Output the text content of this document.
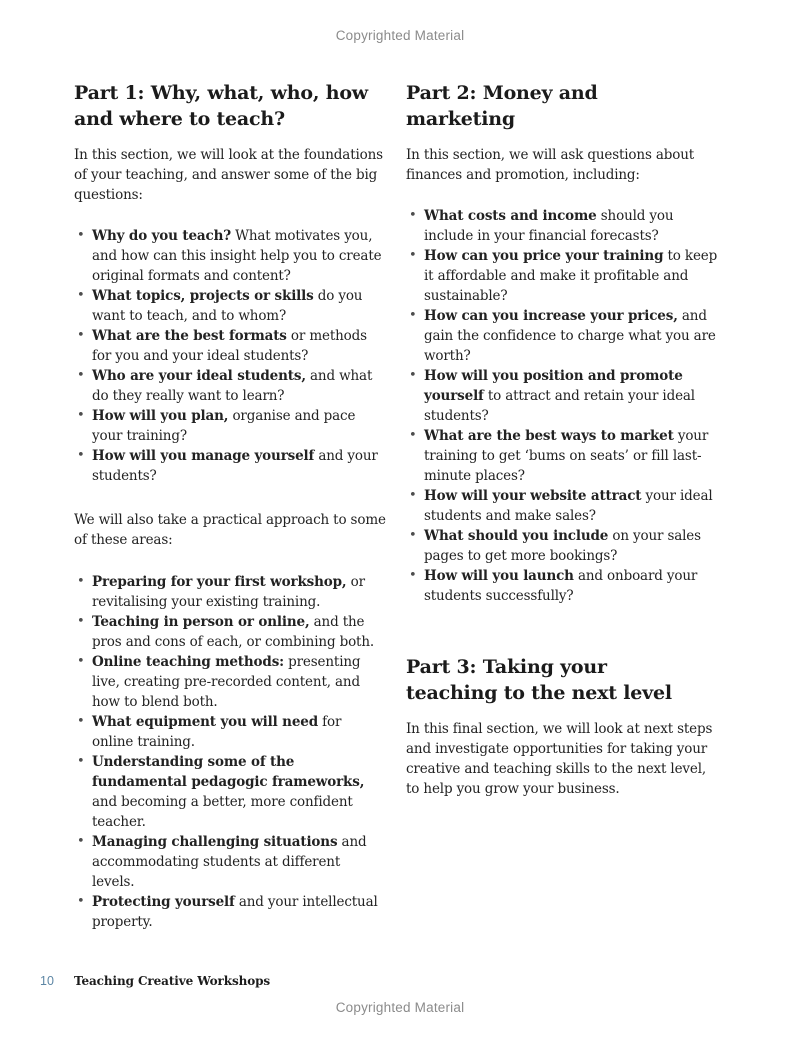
Copyrighted Material
Part 1: Why, what, who, how and where to teach?

In this section, we will look at the foundations of your teaching, and answer some of the big questions:

• Why do you teach? What motivates you, and how can this insight help you to create original formats and content?
• What topics, projects or skills do you want to teach, and to whom?
• What are the best formats or methods for you and your ideal students?
• Who are your ideal students, and what do they really want to learn?
• How will you plan, organise and pace your training?
• How will you manage yourself and your students?

We will also take a practical approach to some of these areas:

• Preparing for your first workshop, or revitalising your existing training.
• Teaching in person or online, and the pros and cons of each, or combining both.
• Online teaching methods: presenting live, creating pre-recorded content, and how to blend both.
• What equipment you will need for online training.
• Understanding some of the fundamental pedagogic frameworks, and becoming a better, more confident teacher.
• Managing challenging situations and accommodating students at different levels.
• Protecting yourself and your intellectual property.
Part 2: Money and marketing

In this section, we will ask questions about finances and promotion, including:

• What costs and income should you include in your financial forecasts?
• How can you price your training to keep it affordable and make it profitable and sustainable?
• How can you increase your prices, and gain the confidence to charge what you are worth?
• How will you position and promote yourself to attract and retain your ideal students?
• What are the best ways to market your training to get ‘bums on seats’ or fill last-minute places?
• How will your website attract your ideal students and make sales?
• What should you include on your sales pages to get more bookings?
• How will you launch and onboard your students successfully?
Part 3: Taking your teaching to the next level

In this final section, we will look at next steps and investigate opportunities for taking your creative and teaching skills to the next level, to help you grow your business.

10 Teaching Creative Workshops
Copyrighted Material
